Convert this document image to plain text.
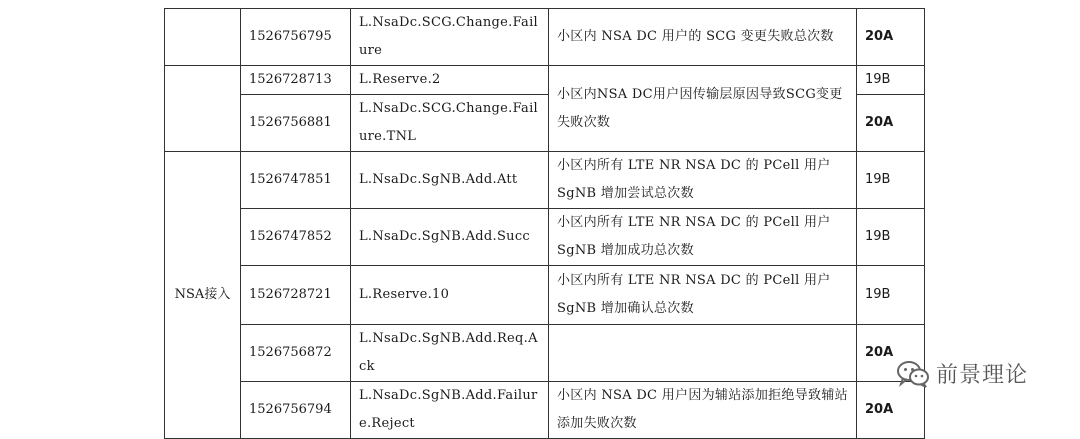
	1526756795	L.NsaDc.SCG.Change.Failure	小区内 NSA DC 用户的 SCG 变更失败总次数	20A
	1526728713	L.Reserve.2	小区内NSA DC用户因传输层原因导致SCG变更失败次数	19B
	1526756881	L.NsaDc.SCG.Change.Failure.TNL		20A
NSA接入	1526747851	L.NsaDc.SgNB.Add.Att	小区内所有 LTE NR NSA DC 的 PCell 用户 SgNB 增加尝试总次数	19B
	1526747852	L.NsaDc.SgNB.Add.Succ	小区内所有 LTE NR NSA DC 的 PCell 用户 SgNB 增加成功总次数	19B
	1526728721	L.Reserve.10	小区内所有 LTE NR NSA DC 的 PCell 用户 SgNB 增加确认总次数	19B
	1526756872	L.NsaDc.SgNB.Add.Req.Ack		20A
	1526756794	L.NsaDc.SgNB.Add.Failure.Reject	小区内 NSA DC 用户因为辅站添加拒绝导致辅站添加失败次数	20A
前景理论
